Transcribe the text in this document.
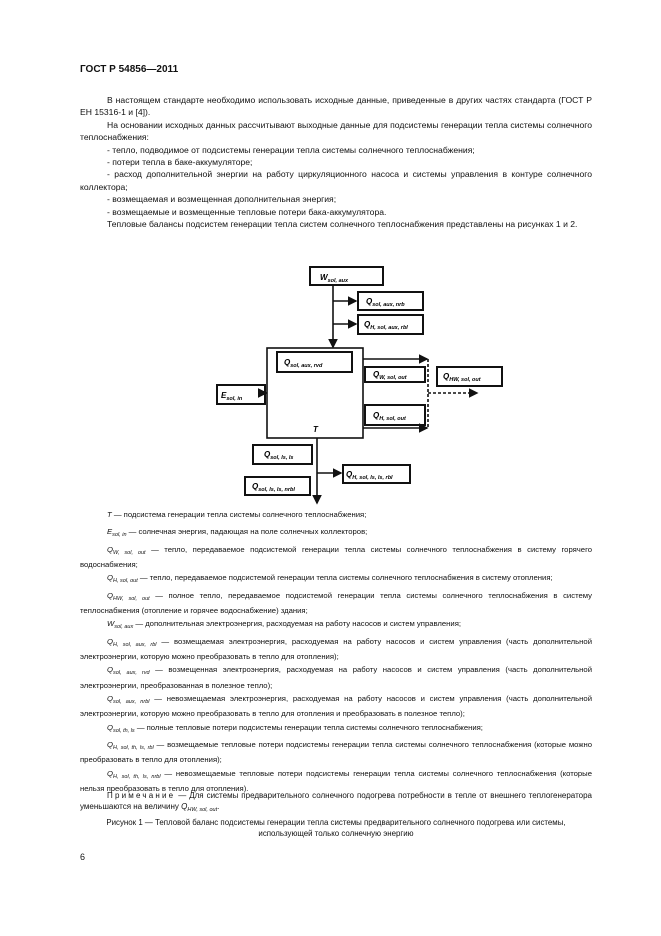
ГОСТ Р 54856—2011

В настоящем стандарте необходимо использовать исходные данные, приведенные в других частях стандарта (ГОСТ Р ЕН 15316-1 и [4]).

На основании исходных данных рассчитывают выходные данные для подсистемы генерации тепла системы солнечного теплоснабжения:

- тепло, подводимое от подсистемы генерации тепла системы солнечного теплоснабжения;

- потери тепла в баке-аккумуляторе;

- расход дополнительной энергии на работу циркуляционного насоса и системы управления в контуре солнечного коллектора;

- возмещаемая и возмещенная дополнительная энергия;

- возмещаемые и возмещенные тепловые потери бака-аккумулятора.

Тепловые балансы подсистем генерации тепла систем солнечного теплоснабжения представлены на рисунках 1 и 2.

$W_{sol, aux}$
$Q_{sol, aux, nrb}$
$Q_{H, sol, aux, rbl}$
$Q_{sol, aux, rvd}$
$E_{sol, in}$
$Q_{W, sol, out}$
$Q_{H, sol, out}$
$Q_{HW, sol, out}$
T
$Q_{sol, ls, ls}$
$Q_{H, sol, ls, ls, rbl}$
$Q_{sol, ls, ls, nrbl}$

T — подсистема генерации тепла системы солнечного теплоснабжения;

$E_{sol, in}$ — солнечная энергия, падающая на поле солнечных коллекторов;

$Q_{W, sol, out}$ — тепло, передаваемое подсистемой генерации тепла системы солнечного теплоснабжения в систему горячего водоснабжения;

$Q_{H, sol, out}$ — тепло, передаваемое подсистемой генерации тепла системы солнечного теплоснабжения в систему отопления;

$Q_{HW, sol, out}$ — полное тепло, передаваемое подсистемой генерации тепла системы солнечного теплоснабжения в систему теплоснабжения (отопление и горячее водоснабжение) здания;

$W_{sol, aux}$ — дополнительная электроэнергия, расходуемая на работу насосов и систем управления;

$Q_{H, sol, aux, rbl}$ — возмещаемая электроэнергия, расходуемая на работу насосов и систем управления (часть дополнительной электроэнергии, которую можно преобразовать в тепло для отопления);

$Q_{sol, aux, rvd}$ — возмещенная электроэнергия, расходуемая на работу насосов и систем управления (часть дополнительной электроэнергии, преобразованная в полезное тепло);

$Q_{sol, aux, nrbl}$ — невозмещаемая электроэнергия, расходуемая на работу насосов и систем управления (часть дополнительной электроэнергии, которую можно преобразовать в тепло для отопления и преобразовать в полезное тепло);

$Q_{sol, th, ls}$ — полные тепловые потери подсистемы генерации тепла системы солнечного теплоснабжения;

$Q_{H, sol, th, ls, rbl}$ — возмещаемые тепловые потери подсистемы генерации тепла системы солнечного теплоснабжения (которые можно преобразовать в тепло для отопления);

$Q_{H, sol, th, ls, nrbl}$ — невозмещаемые тепловые потери подсистемы генерации тепла системы солнечного теплоснабжения (которые нельзя преобразовать в тепло для отопления).

Примечание — Для системы предварительного солнечного подогрева потребности в тепле от внешнего теплогенератора уменьшаются на величину $Q_{HW, sol, out}$.

Рисунок 1 — Тепловой баланс подсистемы генерации тепла системы предварительного солнечного подогрева или системы, использующей только солнечную энергию
6
